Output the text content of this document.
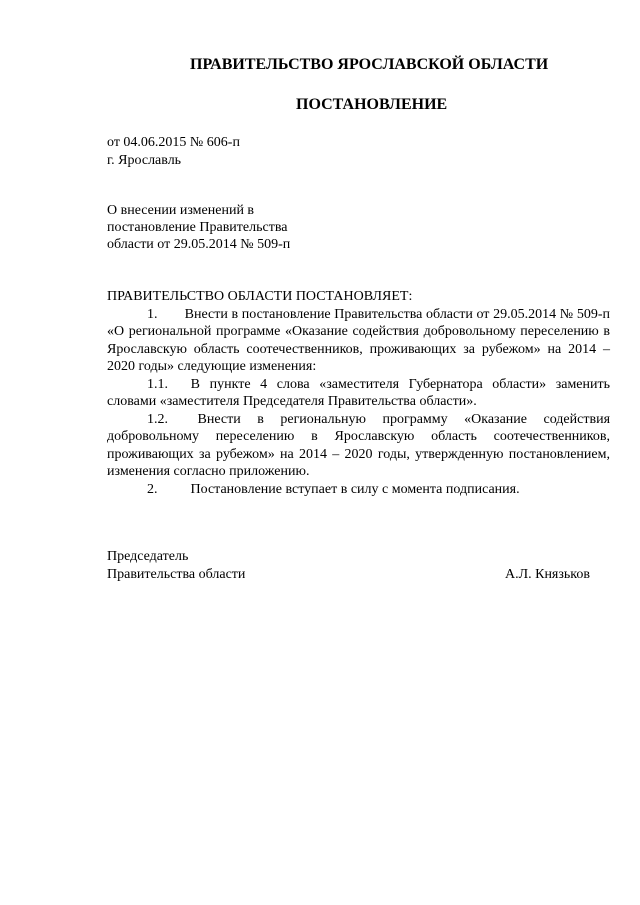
ПРАВИТЕЛЬСТВО ЯРОСЛАВСКОЙ ОБЛАСТИ
ПОСТАНОВЛЕНИЕ
от 04.06.2015 № 606-п
г. Ярославль
О внесении изменений в
постановление Правительства
области от 29.05.2014 № 509-п
ПРАВИТЕЛЬСТВО ОБЛАСТИ ПОСТАНОВЛЯЕТ:

1. Внести в постановление Правительства области от 29.05.2014 № 509-п «О региональной программе «Оказание содействия добровольному переселению в Ярославскую область соотечественников, проживающих за рубежом» на 2014 – 2020 годы» следующие изменения:

1.1. В пункте 4 слова «заместителя Губернатора области» заменить словами «заместителя Председателя Правительства области».

1.2. Внести в региональную программу «Оказание содействия добровольному переселению в Ярославскую область соотечественников, проживающих за рубежом» на 2014 – 2020 годы, утвержденную постановлением, изменения согласно приложению.

2. Постановление вступает в силу с момента подписания.

Председатель
Правительства области	А.Л. Князьков
